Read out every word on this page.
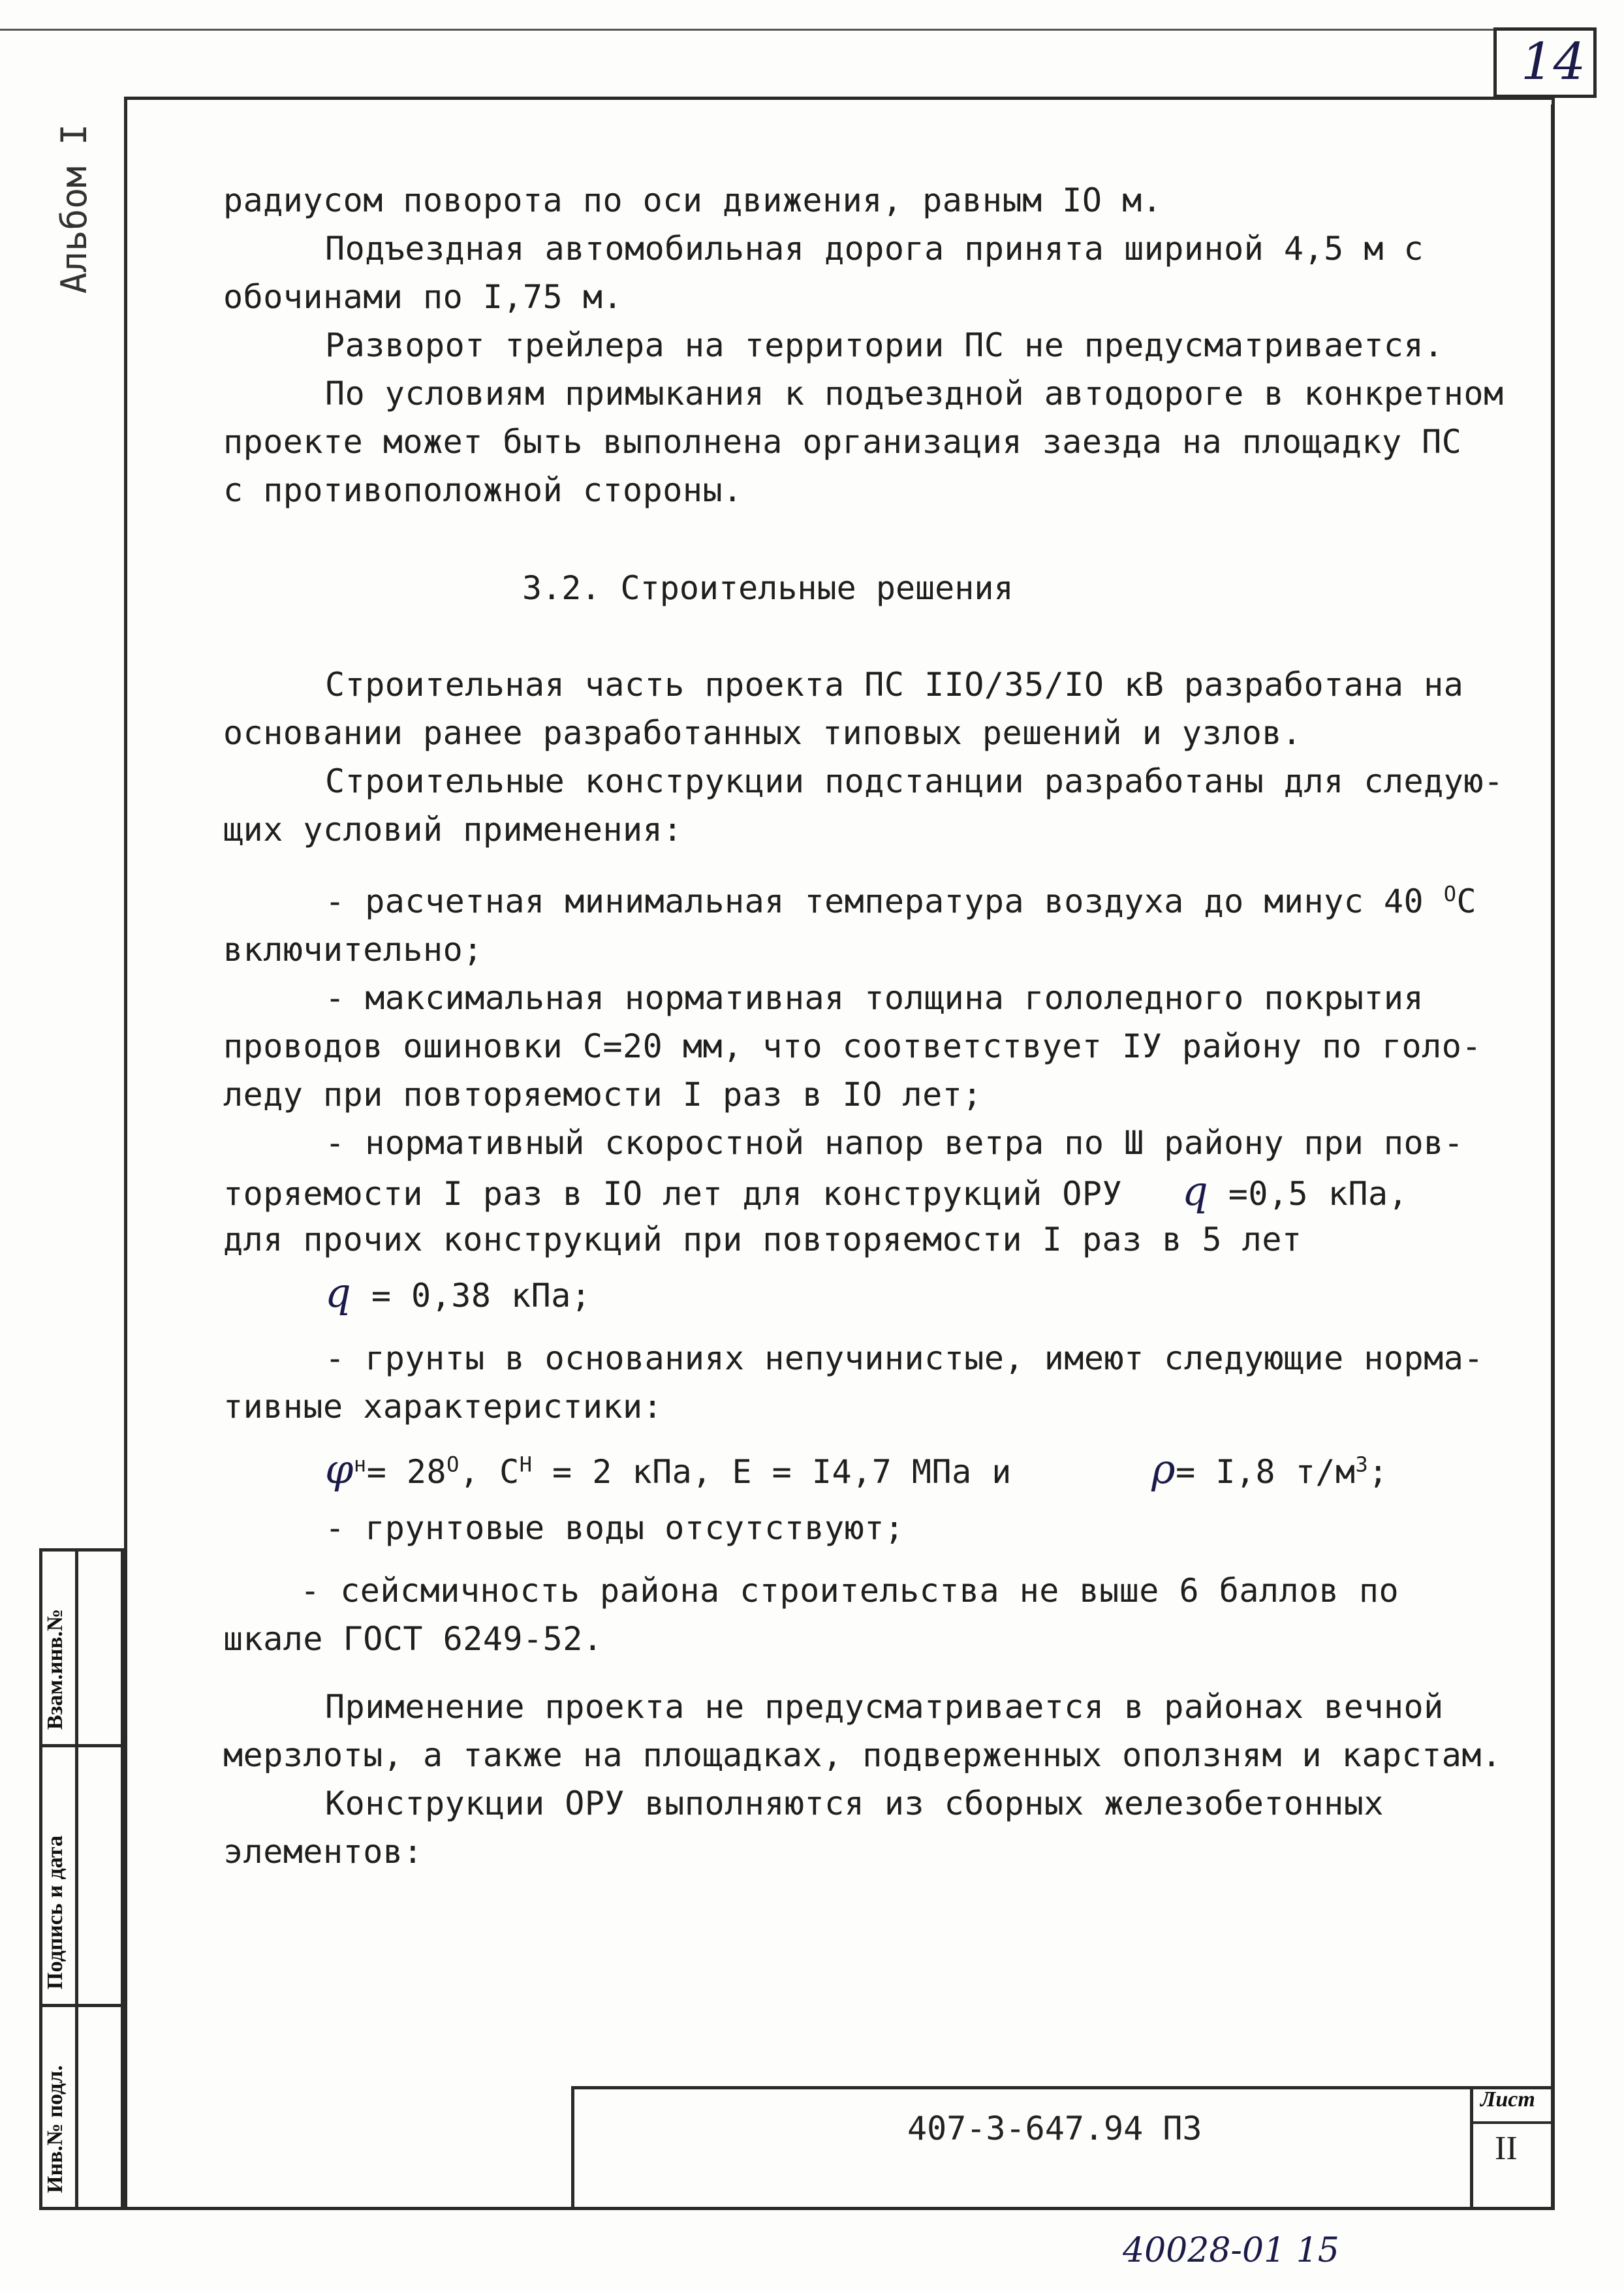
14
Альбом I
Взам.инв.№
Подпись и дата
Инв.№ подл.
радиусом поворота по оси движения, равным IO м.
Подъездная автомобильная дорога принята шириной 4,5 м с
обочинами по I,75 м.
Разворот трейлера на территории ПС не предусматривается.
По условиям примыкания к подъездной автодороге в конкретном
проекте может быть выполнена организация заезда на площадку ПС
с противоположной стороны.
3.2. Строительные решения
Строительная часть проекта ПС IIO/35/IO кВ разработана на
основании ранее разработанных типовых решений и узлов.
Строительные конструкции подстанции разработаны для следую-
щих условий применения:
- расчетная минимальная температура воздуха до минус 40 $^O$С
включительно;
- максимальная нормативная толщина гололедного покрытия
проводов ошиновки С=20 мм, что соответствует IУ району по голо-
леду при повторяемости I раз в IO лет;
- нормативный скоростной напор ветра по Ш району при пов-
торяемости I раз в IO лет для конструкций ОРУ q =0,5 кПа,
для прочих конструкций при повторяемости I раз в 5 лет
q = 0,38 кПа;
- грунты в основаниях непучинистые, имеют следующие норма-
тивные характеристики:
$\varphi^н= 28^O$, $С^Н = 2$ кПа, Е = I4,7 МПа и	ρ= I,8 $т/м^3$;
- грунтовые воды отсутствуют;
- сейсмичность района строительства не выше 6 баллов по
шкале ГОСТ 6249-52.
Применение проекта не предусматривается в районах вечной
мерзлоты, а также на площадках, подверженных оползням и карстам.
Конструкции ОРУ выполняются из сборных железобетонных
элементов:
407-3-647.94 ПЗ
Лист
II
40028-01 15
